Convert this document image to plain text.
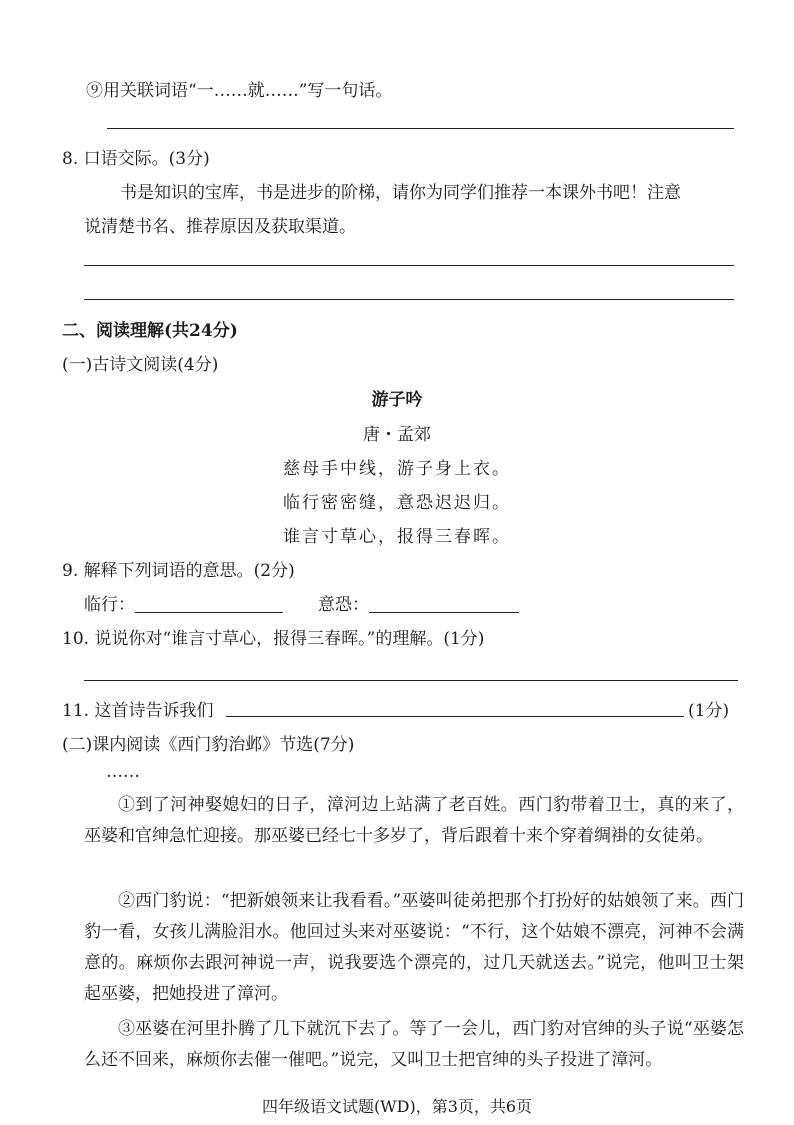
⑨用关联词语“一……就……”写一句话。
8. 口语交际。(3分)
书是知识的宝库，书是进步的阶梯，请你为同学们推荐一本课外书吧！注意
说清楚书名、推荐原因及获取渠道。
二、阅读理解(共24分)
(一)古诗文阅读(4分)
游子吟
唐・孟郊
慈母手中线，游子身上衣。
临行密密缝，意恐迟迟归。
谁言寸草心，报得三春晖。
9. 解释下列词语的意思。(2分)
临行：	意恐：
10. 说说你对“谁言寸草心，报得三春晖。”的理解。(1分)
11. 这首诗告诉我们	(1分)
(二)课内阅读《西门豹治邺》节选(7分)
……
①到了河神娶媳妇的日子，漳河边上站满了老百姓。西门豹带着卫士，真的来了，巫婆和官绅急忙迎接。那巫婆已经七十多岁了，背后跟着十来个穿着绸褂的女徒弟。
②西门豹说：“把新娘领来让我看看。”巫婆叫徒弟把那个打扮好的姑娘领了来。西门豹一看，女孩儿满脸泪水。他回过头来对巫婆说：“不行，这个姑娘不漂亮，河神不会满意的。麻烦你去跟河神说一声，说我要选个漂亮的，过几天就送去。”说完，他叫卫士架起巫婆，把她投进了漳河。
③巫婆在河里扑腾了几下就沉下去了。等了一会儿，西门豹对官绅的头子说“巫婆怎么还不回来，麻烦你去催一催吧。”说完，又叫卫士把官绅的头子投进了漳河。
四年级语文试题(WD)，第3页，共6页
